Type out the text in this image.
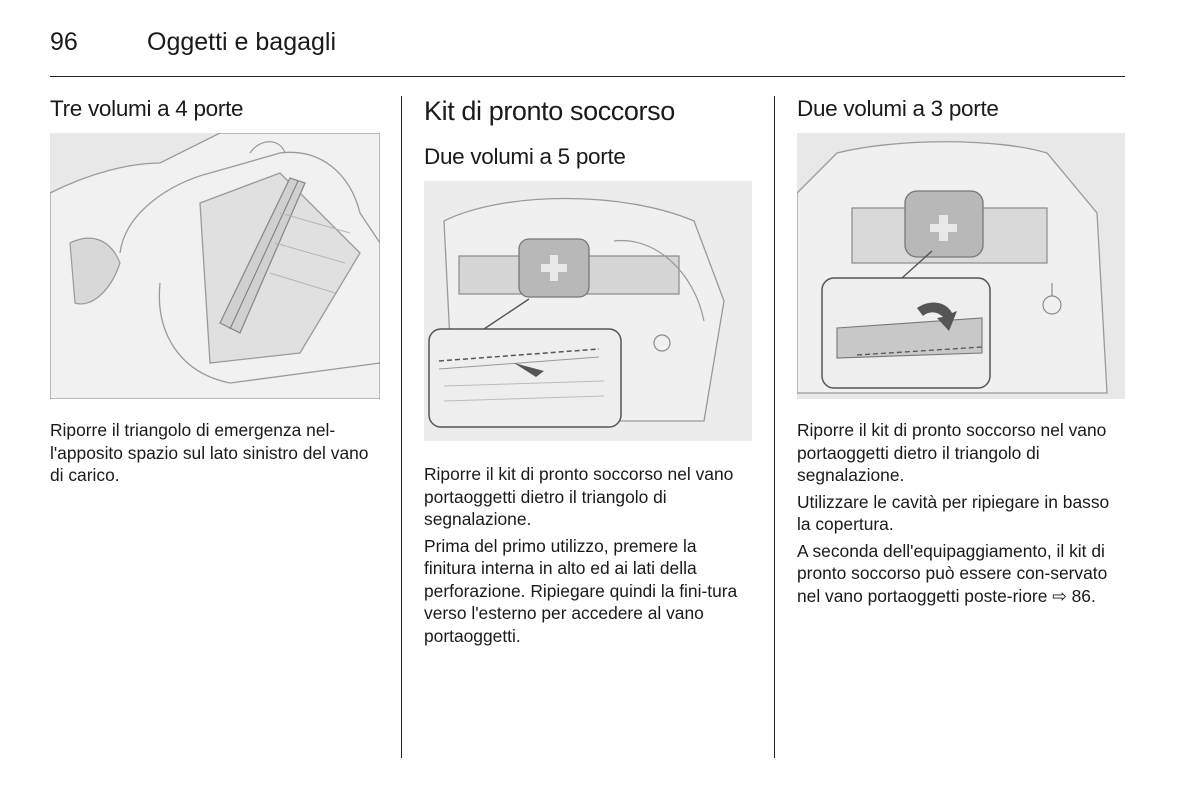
96	Oggetti e bagagli
Tre volumi a 4 porte

Riporre il triangolo di emergenza nel-l'apposito spazio sul lato sinistro del vano di carico.

Kit di pronto soccorso
Due volumi a 5 porte

Riporre il kit di pronto soccorso nel vano portaoggetti dietro il triangolo di segnalazione.

Prima del primo utilizzo, premere la finitura interna in alto ed ai lati della perforazione. Ripiegare quindi la fini-tura verso l'esterno per accedere al vano portaoggetti.

Due volumi a 3 porte

Riporre il kit di pronto soccorso nel vano portaoggetti dietro il triangolo di segnalazione.

Utilizzare le cavità per ripiegare in basso la copertura.

A seconda dell'equipaggiamento, il kit di pronto soccorso può essere con-servato nel vano portaoggetti poste-riore ⇨ 86.
